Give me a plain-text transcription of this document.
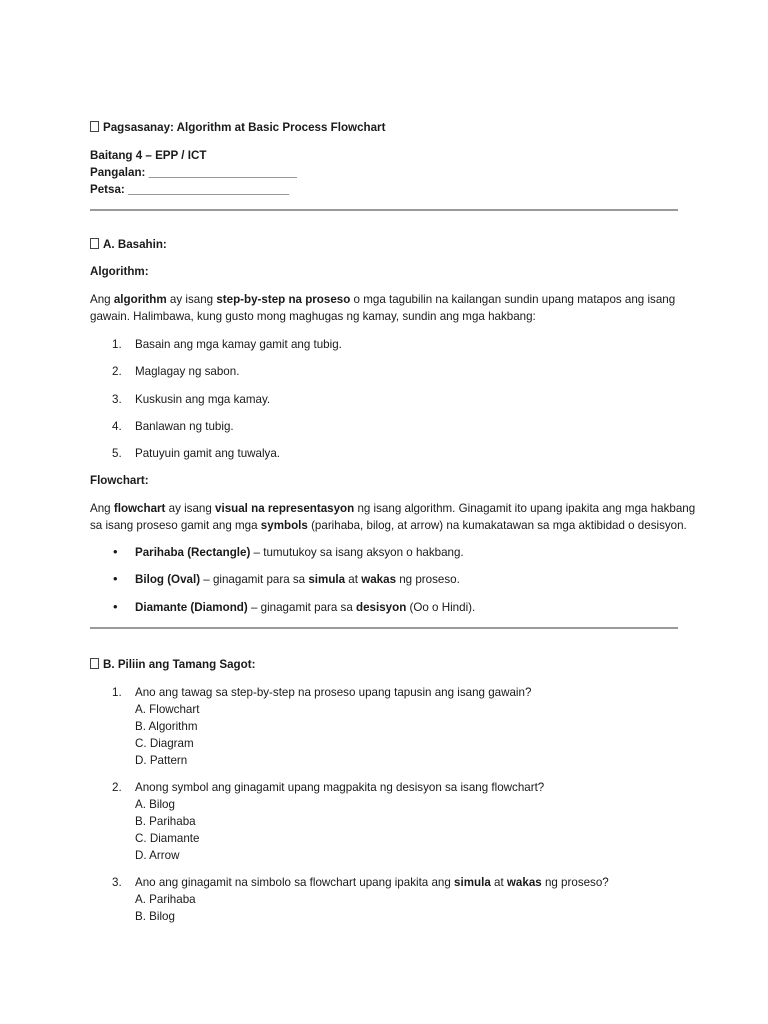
Pagsasanay: Algorithm at Basic Process Flowchart
Baitang 4 – EPP / ICT
Pangalan: _______________________
Petsa: _________________________
A. Basahin:
Algorithm:
Ang algorithm ay isang step-by-step na proseso o mga tagubilin na kailangan sundin upang matapos ang isang
gawain. Halimbawa, kung gusto mong maghugas ng kamay, sundin ang mga hakbang:
1. Basain ang mga kamay gamit ang tubig.
2. Maglagay ng sabon.
3. Kuskusin ang mga kamay.
4. Banlawan ng tubig.
5. Patuyuin gamit ang tuwalya.
Flowchart:
Ang flowchart ay isang visual na representasyon ng isang algorithm. Ginagamit ito upang ipakita ang mga hakbang
sa isang proseso gamit ang mga symbols (parihaba, bilog, at arrow) na kumakatawan sa mga aktibidad o desisyon.
• Parihaba (Rectangle) – tumutukoy sa isang aksyon o hakbang.
• Bilog (Oval) – ginagamit para sa simula at wakas ng proseso.
• Diamante (Diamond) – ginagamit para sa desisyon (Oo o Hindi).
B. Piliin ang Tamang Sagot:
1. Ano ang tawag sa step-by-step na proseso upang tapusin ang isang gawain?
A. Flowchart
B. Algorithm
C. Diagram
D. Pattern
2. Anong symbol ang ginagamit upang magpakita ng desisyon sa isang flowchart?
A. Bilog
B. Parihaba
C. Diamante
D. Arrow
3. Ano ang ginagamit na simbolo sa flowchart upang ipakita ang simula at wakas ng proseso?
A. Parihaba
B. Bilog
